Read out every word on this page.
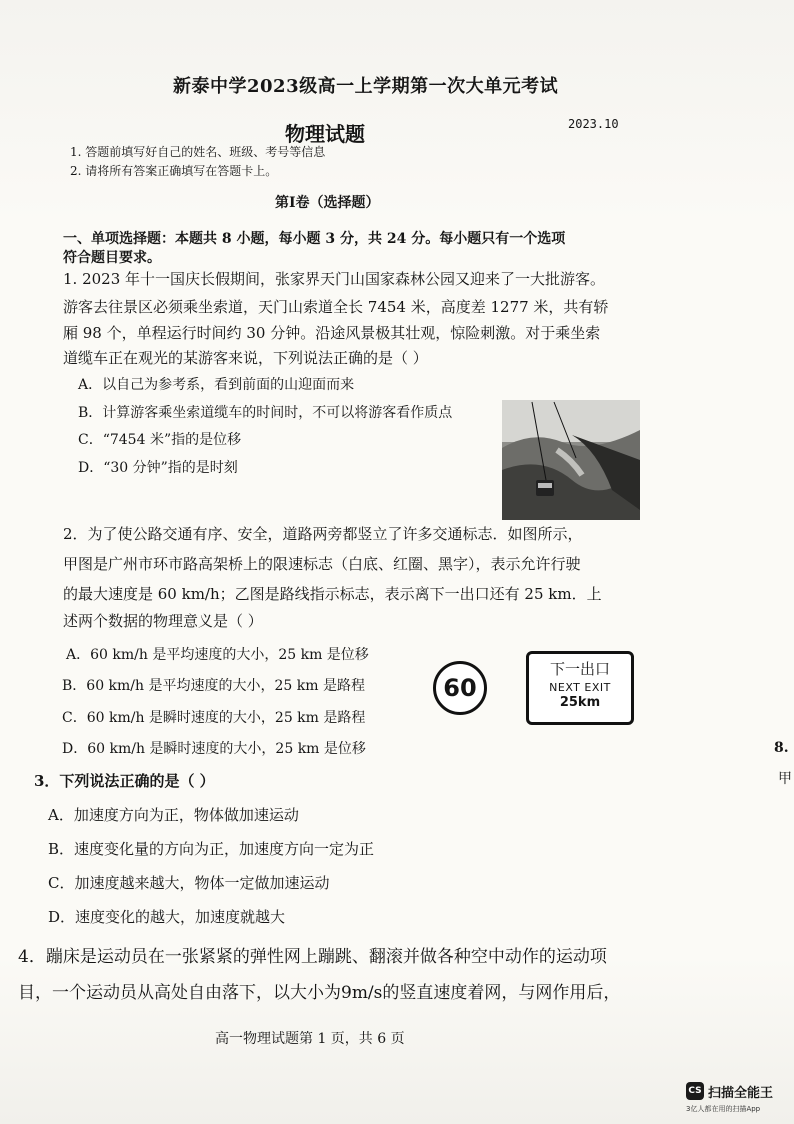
新泰中学2023级高一上学期第一次大单元考试
物理试题	2023.10
1. 答题前填写好自己的姓名、班级、考号等信息
2. 请将所有答案正确填写在答题卡上。
第Ⅰ卷（选择题）
一、单项选择题：本题共 8 小题，每小题 3 分，共 24 分。每小题只有一个选项
符合题目要求。
1. 2023 年十一国庆长假期间，张家界天门山国家森林公园又迎来了一大批游客。
游客去往景区必须乘坐索道，天门山索道全长 7454 米，高度差 1277 米，共有轿
厢 98 个，单程运行时间约 30 分钟。沿途风景极其壮观，惊险刺激。对于乘坐索
道缆车正在观光的某游客来说，下列说法正确的是（ ）
A．以自己为参考系，看到前面的山迎面而来
B．计算游客乘坐索道缆车的时间时，不可以将游客看作质点
C．“7454 米”指的是位移
D．“30 分钟”指的是时刻
2．为了使公路交通有序、安全，道路两旁都竖立了许多交通标志．如图所示，
甲图是广州市环市路高架桥上的限速标志（白底、红圈、黑字），表示允许行驶
的最大速度是 60 km/h；乙图是路线指示标志，表示离下一出口还有 25 km．上
述两个数据的物理意义是（ ）
A．60 km/h 是平均速度的大小，25 km 是位移
B．60 km/h 是平均速度的大小，25 km 是路程
C．60 km/h 是瞬时速度的大小，25 km 是路程
D．60 km/h 是瞬时速度的大小，25 km 是位移
60
下一出口
NEXT EXIT
25km
8.
甲
3．下列说法正确的是（ ）
A．加速度方向为正，物体做加速运动
B．速度变化量的方向为正，加速度方向一定为正
C．加速度越来越大，物体一定做加速运动
D．速度变化的越大，加速度就越大
4．蹦床是运动员在一张紧紧的弹性网上蹦跳、翻滚并做各种空中动作的运动项
目，一个运动员从高处自由落下，以大小为9m/s的竖直速度着网，与网作用后，
高一物理试题第 1 页，共 6 页
CS 扫描全能王
3亿人都在用的扫描App
